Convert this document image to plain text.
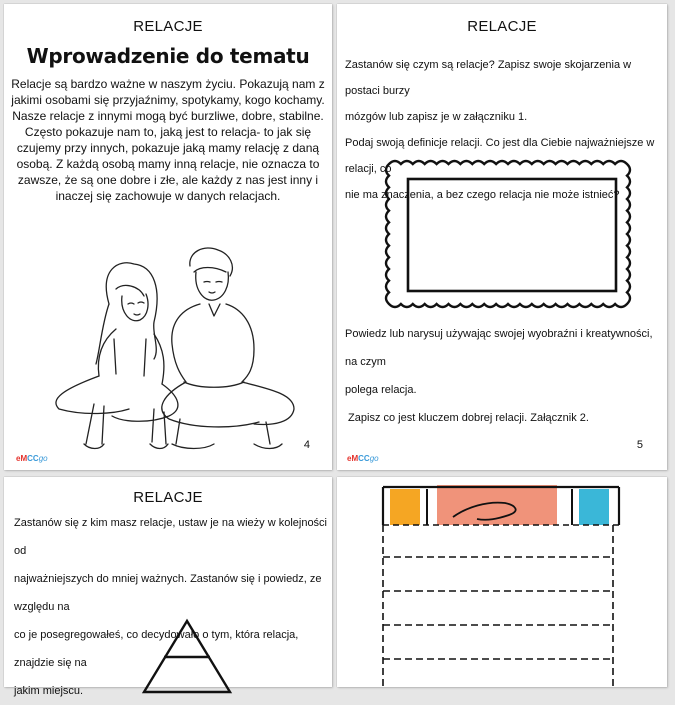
RELACJE
Wprowadzenie do tematu
Relacje są bardzo ważne w naszym życiu. Pokazują nam z
jakimi osobami się przyjaźnimy, spotykamy, kogo kochamy.
Nasze relacje z innymi mogą być burzliwe, dobre, stabilne.
Często pokazuje nam to, jaką jest to relacja- to jak się
czujemy przy innych, pokazuje jaką mamy relację z daną
osobą. Z każdą osobą mamy inną relacje, nie oznacza to
zawsze, że są one dobre i złe, ale każdy z nas jest inny i
inaczej się zachowuje w danych relacjach.
4
eMCCgo
RELACJE
Zastanów się czym są relacje? Zapisz swoje skojarzenia w postaci burzy
mózgów lub zapisz je w załączniku 1.
Podaj swoją definicje relacji. Co jest dla Ciebie najważniejsze w relacji, co
nie ma znaczenia, a bez czego relacja nie może istnieć?
Powiedz lub narysuj używając swojej wyobraźni i kreatywności, na czym
polega relacja.
Zapisz co jest kluczem dobrej relacji. Załącznik 2.
5
eMCCgo
RELACJE
Zastanów się z kim masz relacje, ustaw je na wieży w kolejności od
najważniejszych do mniej ważnych. Zastanów się i powiedz, ze względu na
co je posegregowałeś, co decydowało o tym, która relacja, znajdzie się na
jakim miejscu.
